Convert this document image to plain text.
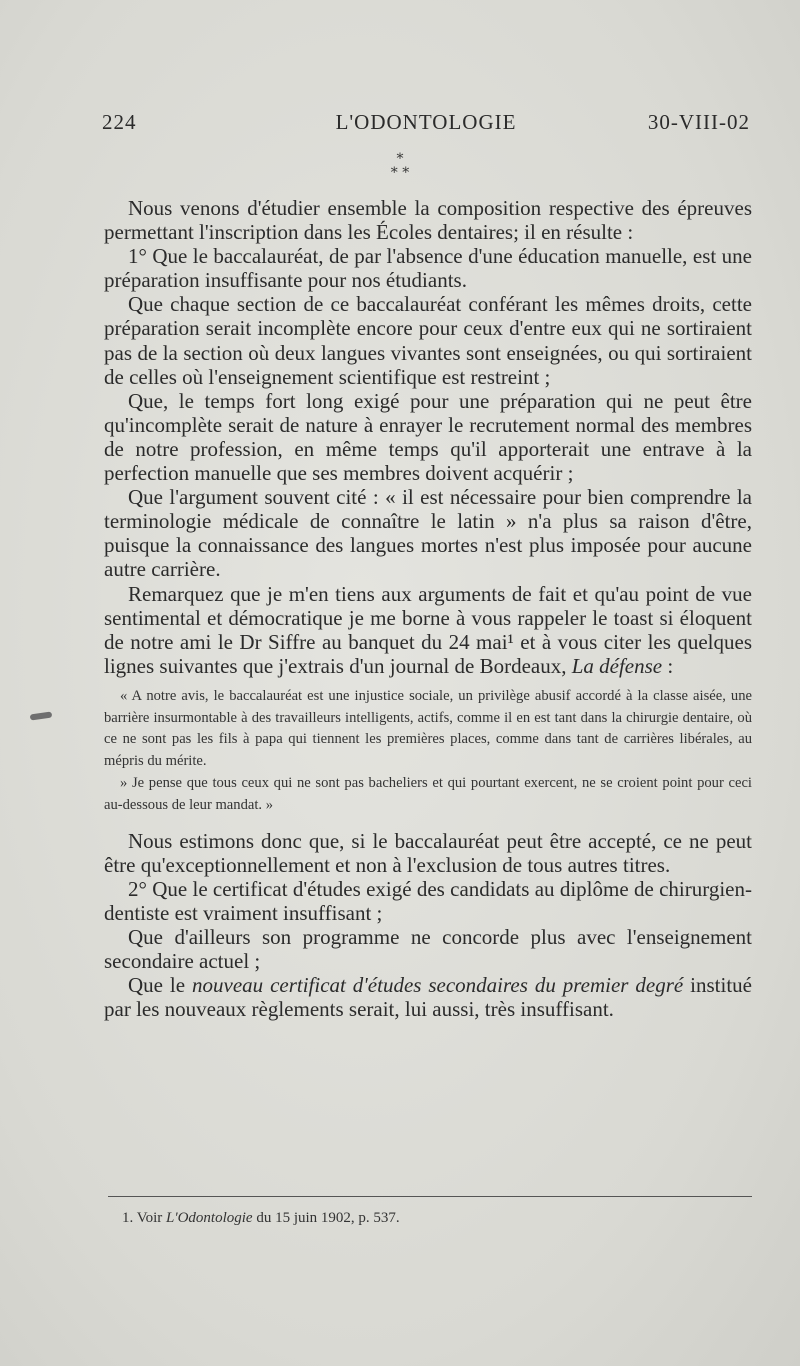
224	L'ODONTOLOGIE	30-VIII-02
*
* *

Nous venons d'étudier ensemble la composition respective des épreuves permettant l'inscription dans les Écoles dentaires; il en résulte :

1° Que le baccalauréat, de par l'absence d'une éducation manuelle, est une préparation insuffisante pour nos étudiants.

Que chaque section de ce baccalauréat conférant les mêmes droits, cette préparation serait incomplète encore pour ceux d'entre eux qui ne sortiraient pas de la section où deux langues vivantes sont enseignées, ou qui sortiraient de celles où l'enseignement scientifique est restreint ;

Que, le temps fort long exigé pour une préparation qui ne peut être qu'incomplète serait de nature à enrayer le recrutement normal des membres de notre profession, en même temps qu'il apporterait une entrave à la perfection manuelle que ses membres doivent acquérir ;

Que l'argument souvent cité : « il est nécessaire pour bien comprendre la terminologie médicale de connaître le latin » n'a plus sa raison d'être, puisque la connaissance des langues mortes n'est plus imposée pour aucune autre carrière.

Remarquez que je m'en tiens aux arguments de fait et qu'au point de vue sentimental et démocratique je me borne à vous rappeler le toast si éloquent de notre ami le Dr Siffre au banquet du 24 mai¹ et à vous citer les quelques lignes suivantes que j'extrais d'un journal de Bordeaux, La défense :

« A notre avis, le baccalauréat est une injustice sociale, un privilège abusif accordé à la classe aisée, une barrière insurmontable à des travailleurs intelligents, actifs, comme il en est tant dans la chirurgie dentaire, où ce ne sont pas les fils à papa qui tiennent les premières places, comme dans tant de carrières libérales, au mépris du mérite.

» Je pense que tous ceux qui ne sont pas bacheliers et qui pourtant exercent, ne se croient point pour ceci au-dessous de leur mandat. »

Nous estimons donc que, si le baccalauréat peut être accepté, ce ne peut être qu'exceptionnellement et non à l'exclusion de tous autres titres.

2° Que le certificat d'études exigé des candidats au diplôme de chirurgien-dentiste est vraiment insuffisant ;

Que d'ailleurs son programme ne concorde plus avec l'enseignement secondaire actuel ;

Que le nouveau certificat d'études secondaires du premier degré institué par les nouveaux règlements serait, lui aussi, très insuffisant.

1. Voir L'Odontologie du 15 juin 1902, p. 537.
